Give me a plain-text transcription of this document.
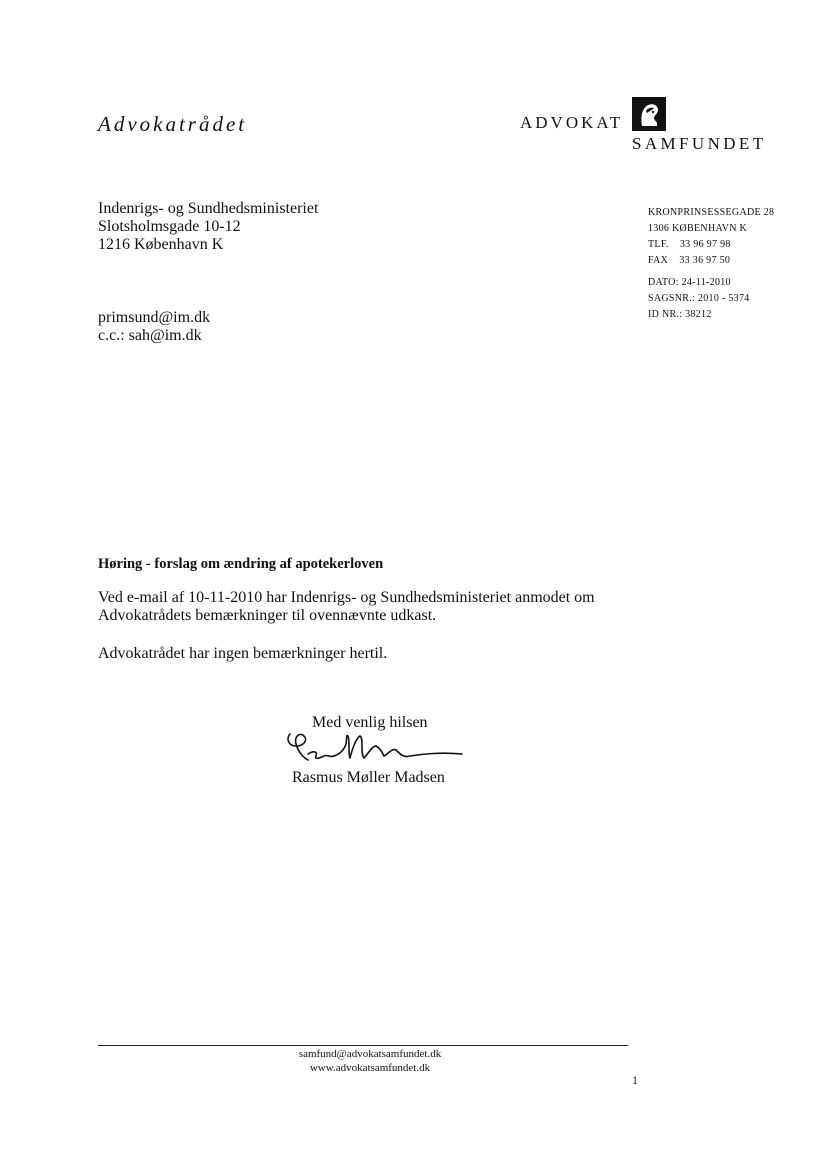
Advokatrådet	ADVOKAT
SAMFUNDET
Indenrigs- og Sundhedsministeriet
Slotsholmsgade 10-12
1216 København K
primsund@im.dk
c.c.: sah@im.dk
KRONPRINSESSEGADE 28
1306 KØBENHAVN K
TLF.    33 96 97 98
FAX    33 36 97 50
DATO: 24-11-2010
SAGSNR.: 2010 - 5374
ID NR.: 38212
Høring - forslag om ændring af apotekerloven

Ved e-mail af 10-11-2010 har Indenrigs- og Sundhedsministeriet anmodet om Advokatrådets bemærkninger til ovennævnte udkast.

Advokatrådet har ingen bemærkninger hertil.

Med venlig hilsen
Rasmus Møller Madsen
samfund@advokatsamfundet.dk
www.advokatsamfundet.dk
1
